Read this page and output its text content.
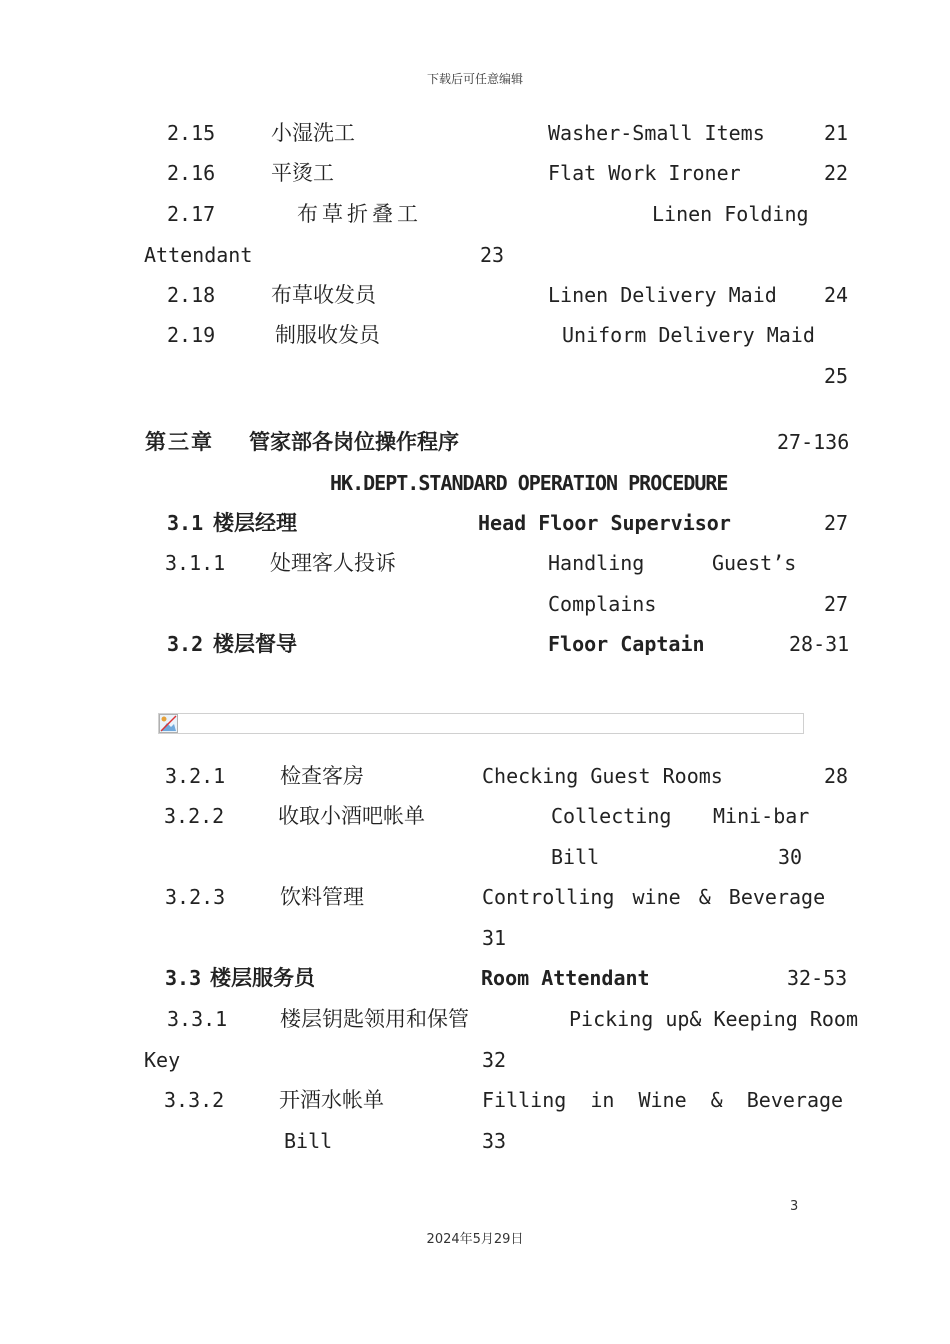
下载后可任意编辑
2.15	小湿洗工	Washer-Small Items	21
2.16	平烫工	Flat Work Ironer	22
2.17	布草折叠工	Linen Folding
Attendant	23
2.18	布草收发员	Linen Delivery Maid 24
2.19	制服收发员	Uniform Delivery Maid
25
第三章 管家部各岗位操作程序	27-136
HK.DEPT.STANDARD OPERATION PROCEDURE
3.1 楼层经理	Head Floor Supervisor	27
3.1.1 处理客人投诉	Handling	Guest’s
Complains	27
3.2 楼层督导	Floor Captain	28-31
3.2.1	检查客房	Checking Guest Rooms	28
3.2.2	收取小酒吧帐单	Collecting Mini-bar
Bill	30
3.2.3	饮料管理	Controlling wine & Beverage
31
3.3 楼层服务员	Room Attendant	32-53
3.3.1	楼层钥匙领用和保管	Picking up& Keeping Room
Key	32
3.3.2	开酒水帐单	Filling in Wine & Beverage
Bill	33
3
2024年5月29日
